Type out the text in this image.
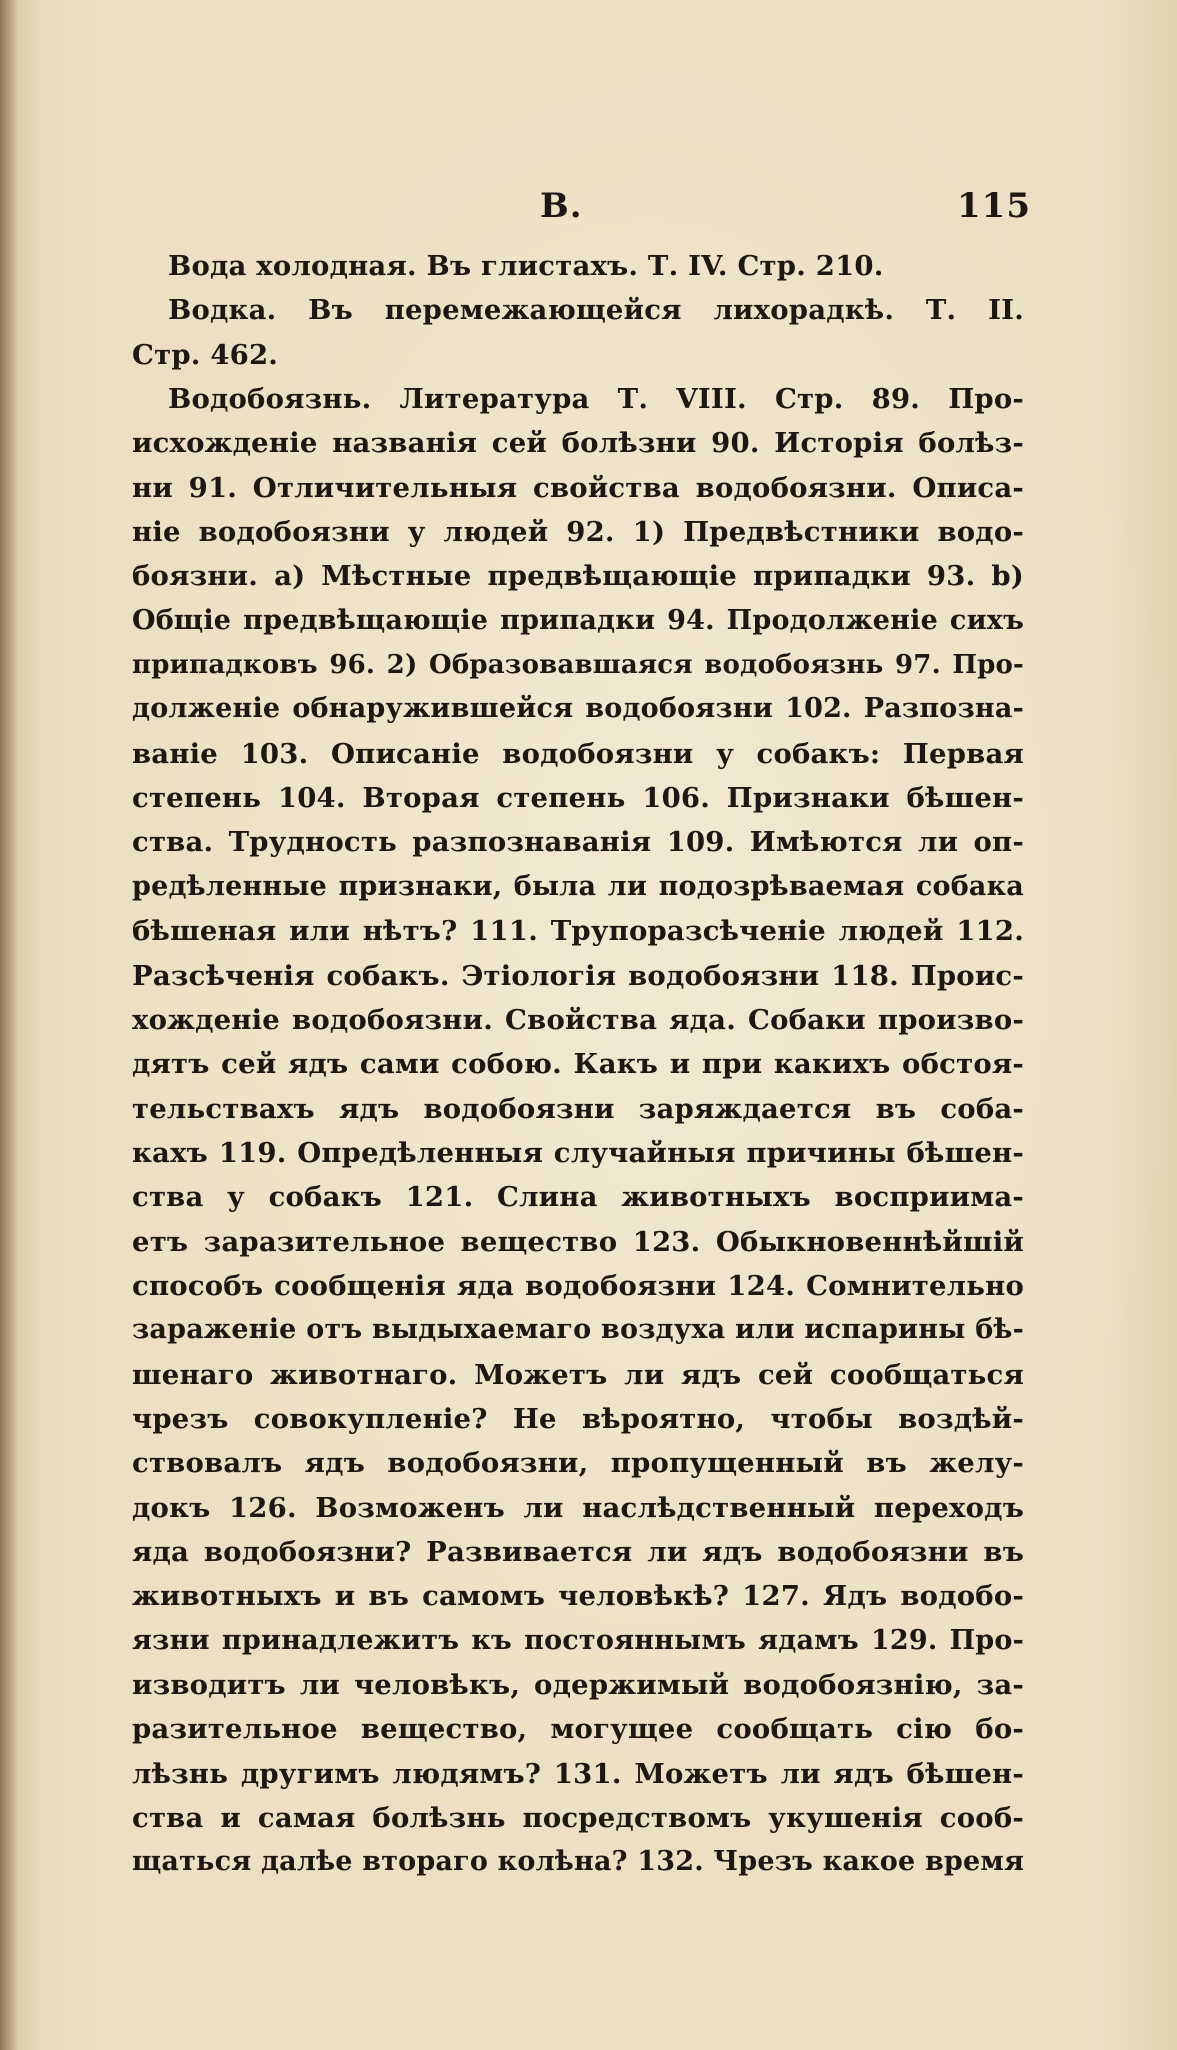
В.	115
Вода холодная. Въ глистахъ. Т. IV. Стр. 210.
Водка. Въ перемежающейся лихорадкѣ. Т. II.
Стр. 462.
Водобоязнь. Литература Т. VIII. Стр. 89. Про-
исхожденіе названія сей болѣзни 90. Исторія болѣз-
ни 91. Отличительныя свойства водобоязни. Описа-
ніе водобоязни у людей 92. 1) Предвѣстники водо-
боязни. а) Мѣстные предвѣщающіе припадки 93. b)
Общіе предвѣщающіе припадки 94. Продолженіе сихъ
припадковъ 96. 2) Образовавшаяся водобоязнь 97. Про-
долженіе обнаружившейся водобоязни 102. Разпозна-
ваніе 103. Описаніе водобоязни у собакъ: Первая
степень 104. Вторая степень 106. Признаки бѣшен-
ства. Трудность разпознаванія 109. Имѣются ли оп-
редѣленные признаки, была ли подозрѣваемая собака
бѣшеная или нѣтъ? 111. Трупоразсѣченіе людей 112.
Разсѣченія собакъ. Этіологія водобоязни 118. Проис-
хожденіе водобоязни. Свойства яда. Собаки произво-
дятъ сей ядъ сами собою. Какъ и при какихъ обстоя-
тельствахъ ядъ водобоязни заряждается въ соба-
кахъ 119. Опредѣленныя случайныя причины бѣшен-
ства у собакъ 121. Слина животныхъ восприима-
етъ заразительное вещество 123. Обыкновеннѣйшій
способъ сообщенія яда водобоязни 124. Сомнительно
зараженіе отъ выдыхаемаго воздуха или испарины бѣ-
шенаго животнаго. Можетъ ли ядъ сей сообщаться
чрезъ совокупленіе? Не вѣроятно, чтобы воздѣй-
ствовалъ ядъ водобоязни, пропущенный въ желу-
докъ 126. Возможенъ ли наслѣдственный переходъ
яда водобоязни? Развивается ли ядъ водобоязни въ
животныхъ и въ самомъ человѣкѣ? 127. Ядъ водобо-
язни принадлежитъ къ постояннымъ ядамъ 129. Про-
изводитъ ли человѣкъ, одержимый водобоязнію, за-
разительное вещество, могущее сообщать сію бо-
лѣзнь другимъ людямъ? 131. Можетъ ли ядъ бѣшен-
ства и самая болѣзнь посредствомъ укушенія сооб-
щаться далѣе втораго колѣна? 132. Чрезъ какое время
